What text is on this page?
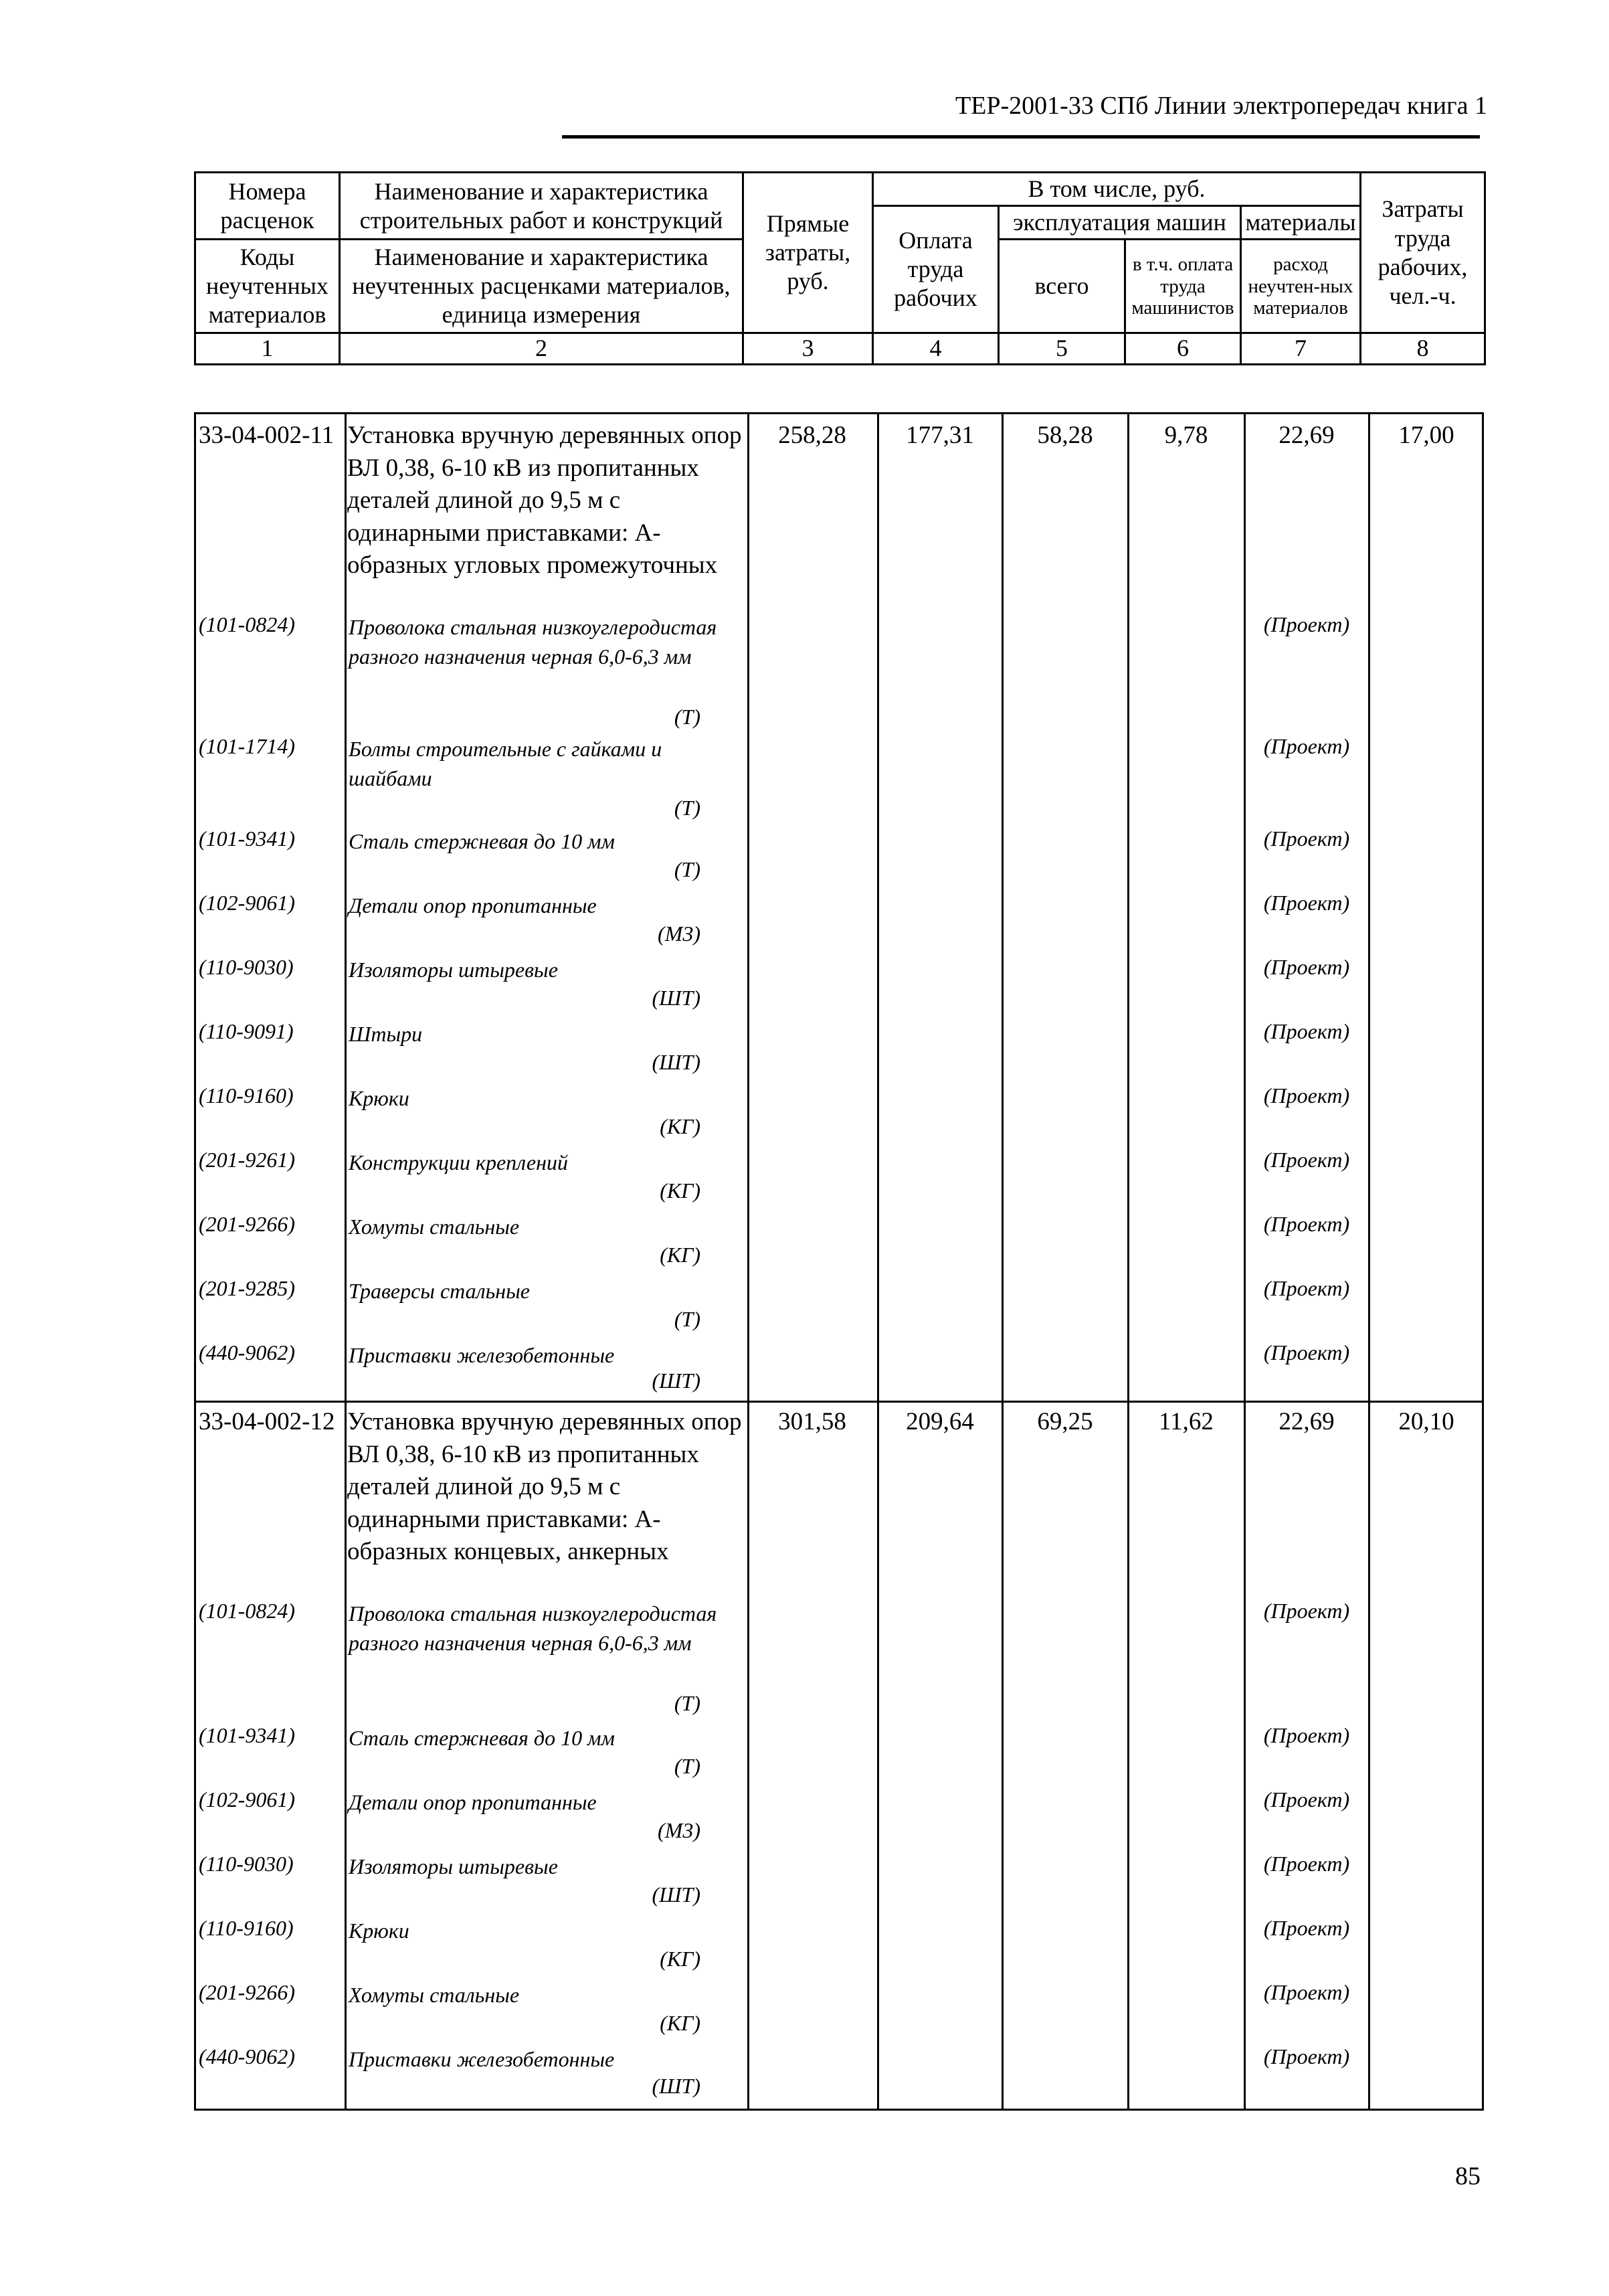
ТЕР-2001-33 СПб Линии электропередач книга 1
Номера расценок	Наименование и характеристика строительных работ и конструкций	Прямые затраты, руб.	В том числе, руб.				Затраты труда рабочих, чел.-ч.
			Оплата труда рабочих	эксплуатация машин		материалы	
Коды неучтенных материалов	Наименование и характеристика неучтенных расценками материалов, единица измерения			всего	в т.ч. оплата труда машинистов	расход неучтен-ных материалов	

1	2	3	4	5	6	7	8
33-04-002-11 Установка вручную деревянных опор ВЛ 0,38, 6-10 кВ из пропитанных деталей длиной до 9,5 м с одинарными приставками: А-образных угловых промежуточных
258,28	177,31	58,28	9,78	22,69	17,00
(101-0824)	Проволока стальная низкоуглеродистая разного назначения черная 6,0-6,3 мм
(Проект)
(Т)
(101-1714)	Болты строительные с гайками и шайбами
(Проект)
(Т)
(101-9341)	Сталь стержневая до 10 мм	(Проект)
(Т)
(102-9061)	Детали опор пропитанные	(Проект)
(М3)
(110-9030)	Изоляторы штыревые	(Проект)
(ШТ)
(110-9091)	Штыри	(Проект)
(ШТ)
(110-9160)	Крюки	(Проект)
(КГ)
(201-9261)	Конструкции креплений	(Проект)
(КГ)
(201-9266)	Хомуты стальные	(Проект)
(КГ)
(201-9285)	Траверсы стальные	(Проект)
(Т)
(440-9062)	Приставки железобетонные	(Проект)
(ШТ)
33-04-002-12 Установка вручную деревянных опор ВЛ 0,38, 6-10 кВ из пропитанных деталей длиной до 9,5 м с одинарными приставками: А-образных концевых, анкерных
301,58	209,64	69,25	11,62	22,69	20,10
(101-0824)	Проволока стальная низкоуглеродистая разного назначения черная 6,0-6,3 мм
(Проект)
(Т)
(101-9341)	Сталь стержневая до 10 мм	(Проект)
(Т)
(102-9061)	Детали опор пропитанные	(Проект)
(М3)
(110-9030)	Изоляторы штыревые	(Проект)
(ШТ)
(110-9160)	Крюки	(Проект)
(КГ)
(201-9266)	Хомуты стальные	(Проект)
(КГ)
(440-9062)	Приставки железобетонные	(Проект)
(ШТ)
85
